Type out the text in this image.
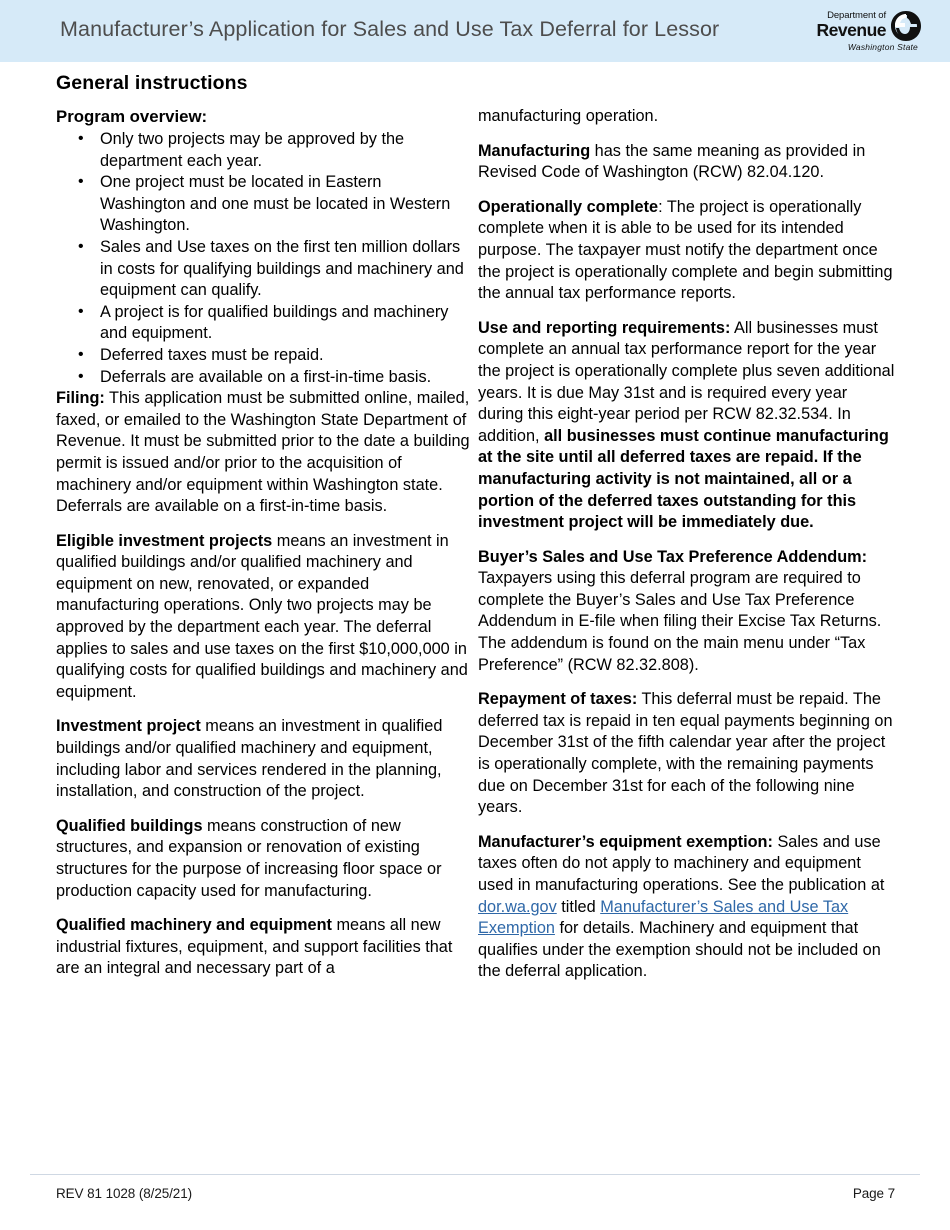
Manufacturer’s Application for Sales and Use Tax Deferral for Lessor
Department of
Revenue
Washington State
General instructions
Program overview:
• Only two projects may be approved by the department each year.
• One project must be located in Eastern Washington and one must be located in Western Washington.
• Sales and Use taxes on the first ten million dollars in costs for qualifying buildings and machinery and equipment can qualify.
• A project is for qualified buildings and machinery and equipment.
• Deferred taxes must be repaid.
• Deferrals are available on a first-in-time basis.

Filing: This application must be submitted online, mailed, faxed, or emailed to the Washington State Department of Revenue. It must be submitted prior to the date a building permit is issued and/or prior to the acquisition of machinery and/or equipment within Washington state. Deferrals are available on a first-in-time basis.

Eligible investment projects means an investment in qualified buildings and/or qualified machinery and equipment on new, renovated, or expanded manufacturing operations. Only two projects may be approved by the department each year. The deferral applies to sales and use taxes on the first $10,000,000 in qualifying costs for qualified buildings and machinery and equipment.

Investment project means an investment in qualified buildings and/or qualified machinery and equipment, including labor and services rendered in the planning, installation, and construction of the project.

Qualified buildings means construction of new structures, and expansion or renovation of existing structures for the purpose of increasing floor space or production capacity used for manufacturing.

Qualified machinery and equipment means all new industrial fixtures, equipment, and support facilities that are an integral and necessary part of a

manufacturing operation.

Manufacturing has the same meaning as provided in Revised Code of Washington (RCW) 82.04.120.

Operationally complete: The project is operationally complete when it is able to be used for its intended purpose. The taxpayer must notify the department once the project is operationally complete and begin submitting the annual tax performance reports.

Use and reporting requirements: All businesses must complete an annual tax performance report for the year the project is operationally complete plus seven additional years. It is due May 31st and is required every year during this eight-year period per RCW 82.32.534. In addition, all businesses must continue manufacturing at the site until all deferred taxes are repaid. If the manufacturing activity is not maintained, all or a portion of the deferred taxes outstanding for this investment project will be immediately due.

Buyer’s Sales and Use Tax Preference Addendum: Taxpayers using this deferral program are required to complete the Buyer’s Sales and Use Tax Preference Addendum in E-file when filing their Excise Tax Returns. The addendum is found on the main menu under “Tax Preference” (RCW 82.32.808).

Repayment of taxes: This deferral must be repaid. The deferred tax is repaid in ten equal payments beginning on December 31st of the fifth calendar year after the project is operationally complete, with the remaining payments due on December 31st for each of the following nine years.

Manufacturer’s equipment exemption: Sales and use taxes often do not apply to machinery and equipment used in manufacturing operations. See the publication at dor.wa.gov titled Manufacturer’s Sales and Use Tax Exemption for details. Machinery and equipment that qualifies under the exemption should not be included on the deferral application.

REV 81 1028 (8/25/21)	Page 7
